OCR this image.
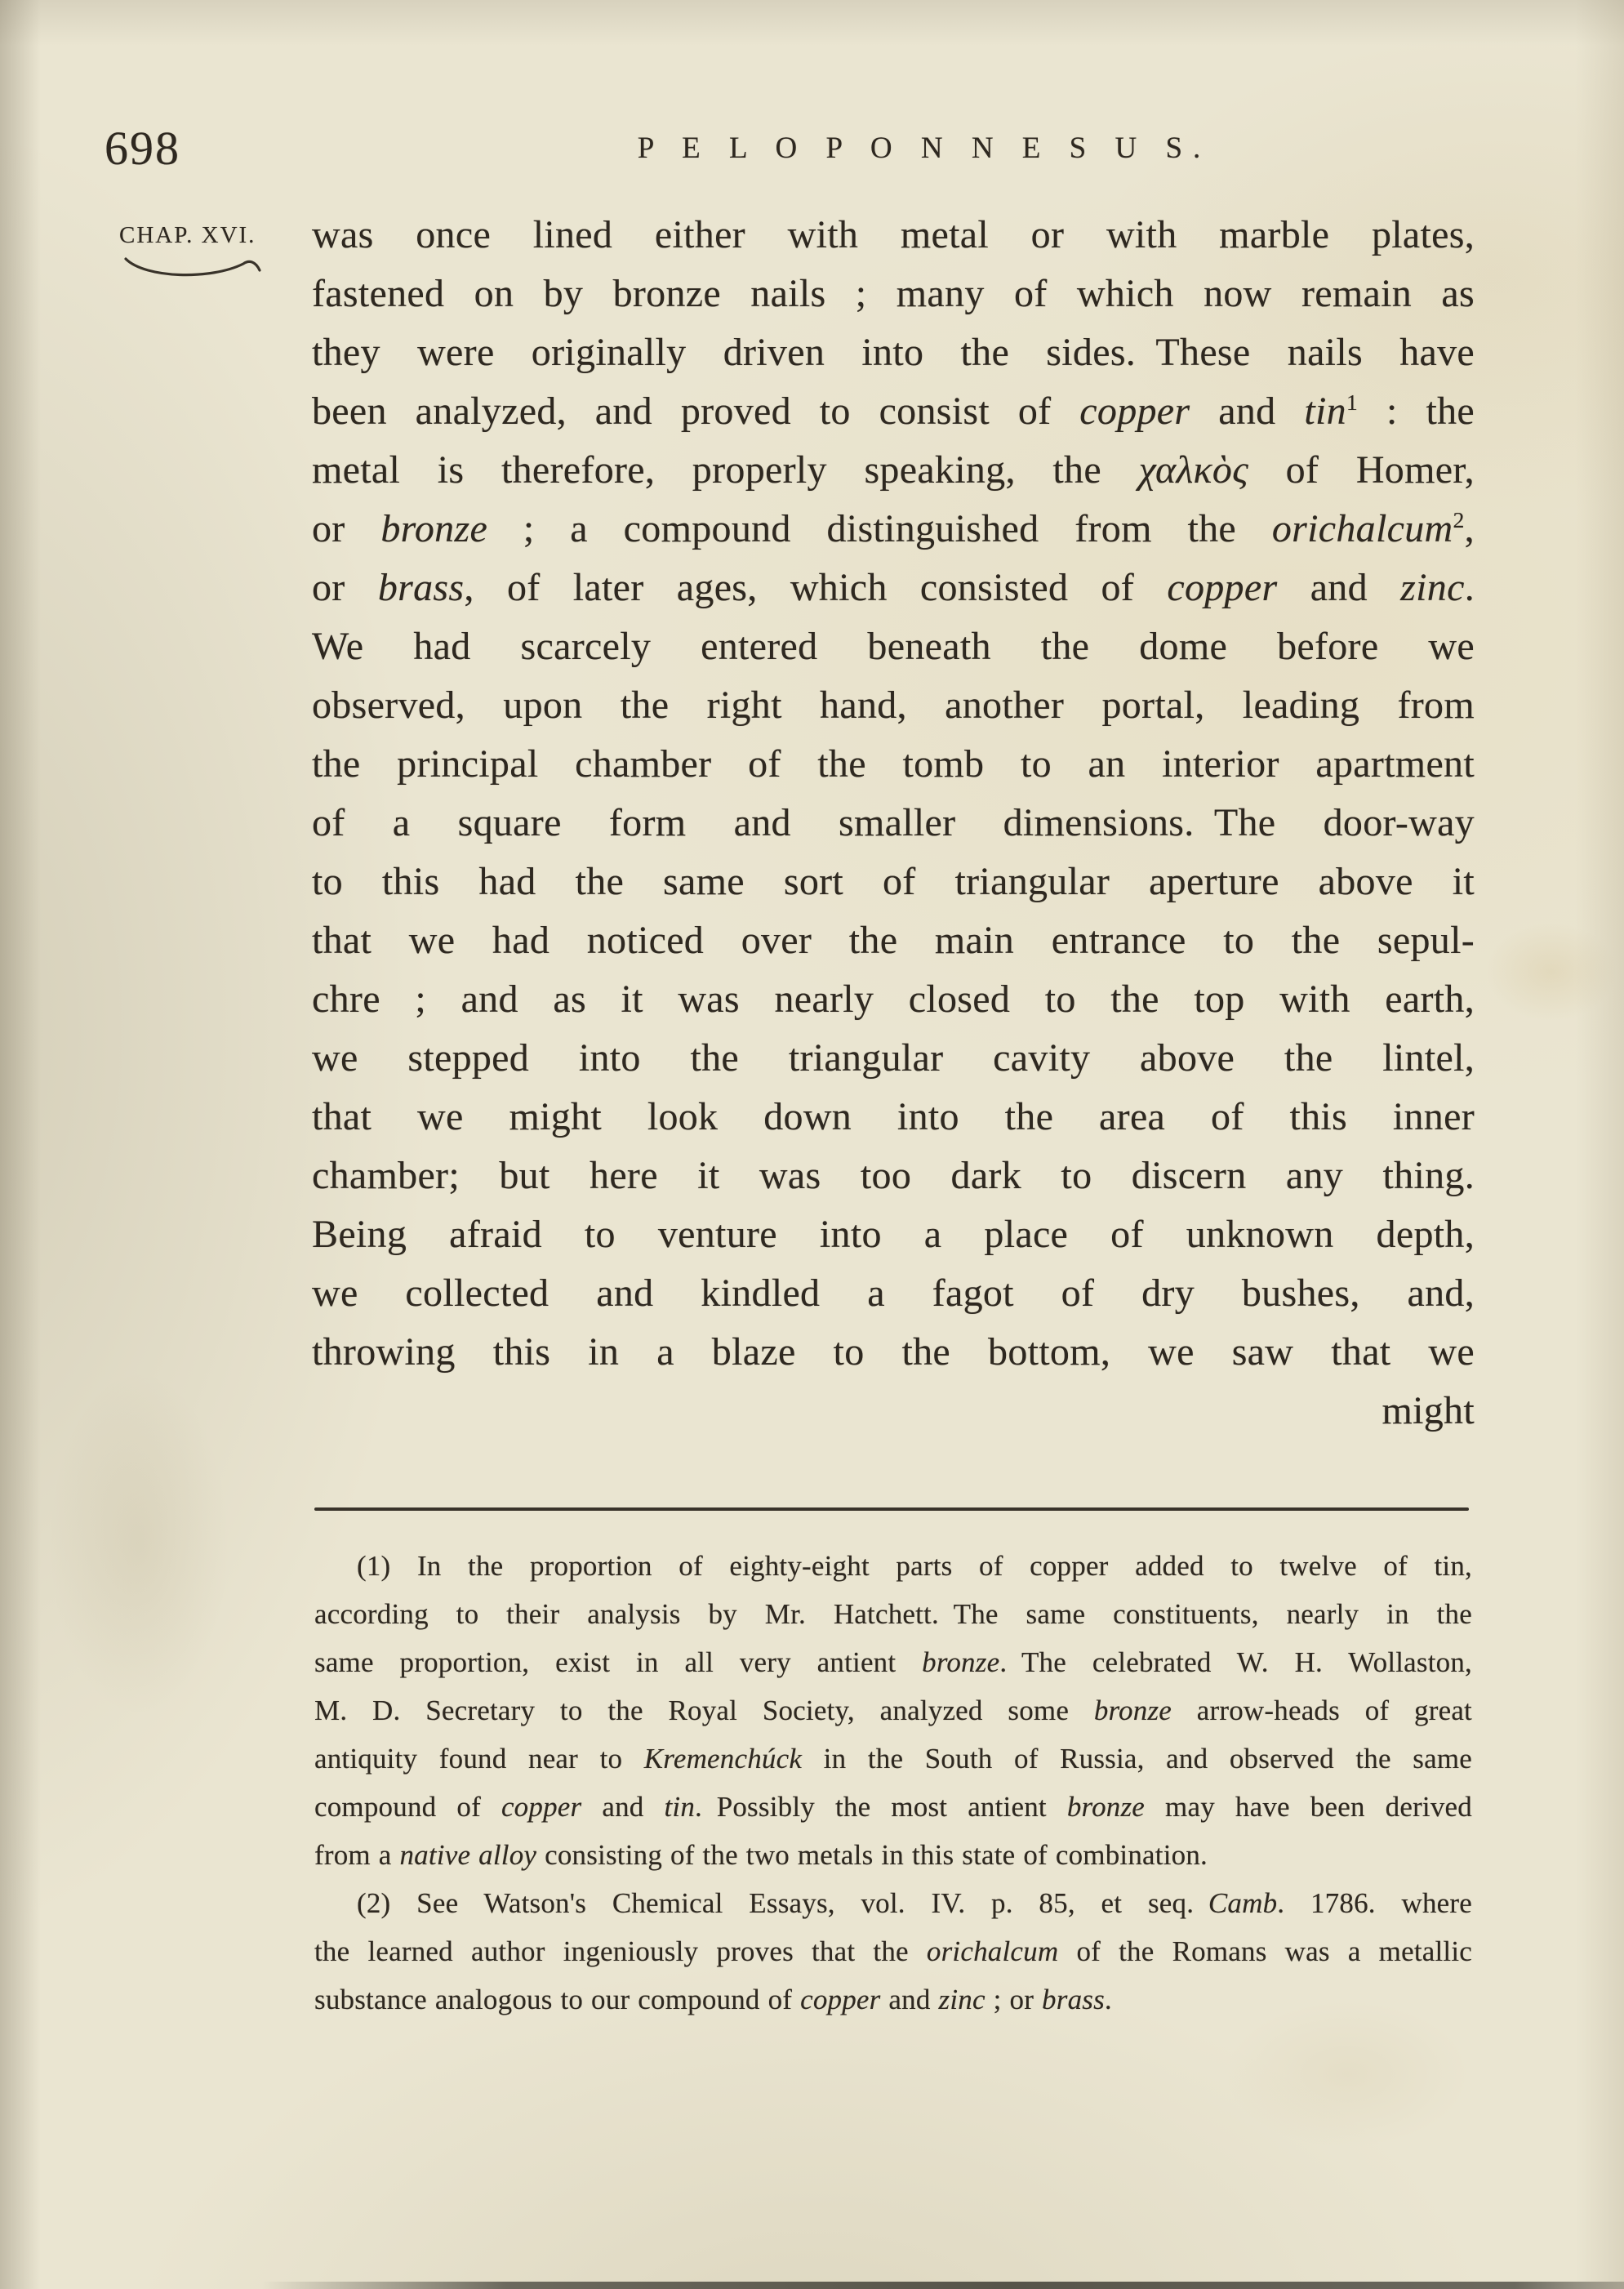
698	P E L O P O N N E S U S.
CHAP. XVI.	was once lined either with metal or with marble plates,
fastened on by bronze nails ; many of which now remain as
they were originally driven into the sides. These nails have
been analyzed, and proved to consist of copper and tin$^1$ : the
metal is therefore, properly speaking, the χαλκὸς of Homer,
or bronze ; a compound distinguished from the orichalcum$^2$,
or brass, of later ages, which consisted of copper and zinc.
We had scarcely entered beneath the dome before we
observed, upon the right hand, another portal, leading from
the principal chamber of the tomb to an interior apartment
of a square form and smaller dimensions. The door-way
to this had the same sort of triangular aperture above it
that we had noticed over the main entrance to the sepul-
chre ; and as it was nearly closed to the top with earth,
we stepped into the triangular cavity above the lintel,
that we might look down into the area of this inner
chamber; but here it was too dark to discern any thing.
Being afraid to venture into a place of unknown depth,
we collected and kindled a fagot of dry bushes, and,
throwing this in a blaze to the bottom, we saw that we
might
(1) In the proportion of eighty-eight parts of copper added to twelve of tin,
according to their analysis by Mr. Hatchett. The same constituents, nearly in the
same proportion, exist in all very antient bronze. The celebrated W. H. Wollaston,
M. D. Secretary to the Royal Society, analyzed some bronze arrow-heads of great
antiquity found near to Kremenchúck in the South of Russia, and observed the same
compound of copper and tin. Possibly the most antient bronze may have been derived
from a native alloy consisting of the two metals in this state of combination.
(2) See Watson's Chemical Essays, vol. IV. p. 85, et seq. Camb. 1786. where
the learned author ingeniously proves that the orichalcum of the Romans was a metallic
substance analogous to our compound of copper and zinc ; or brass.
